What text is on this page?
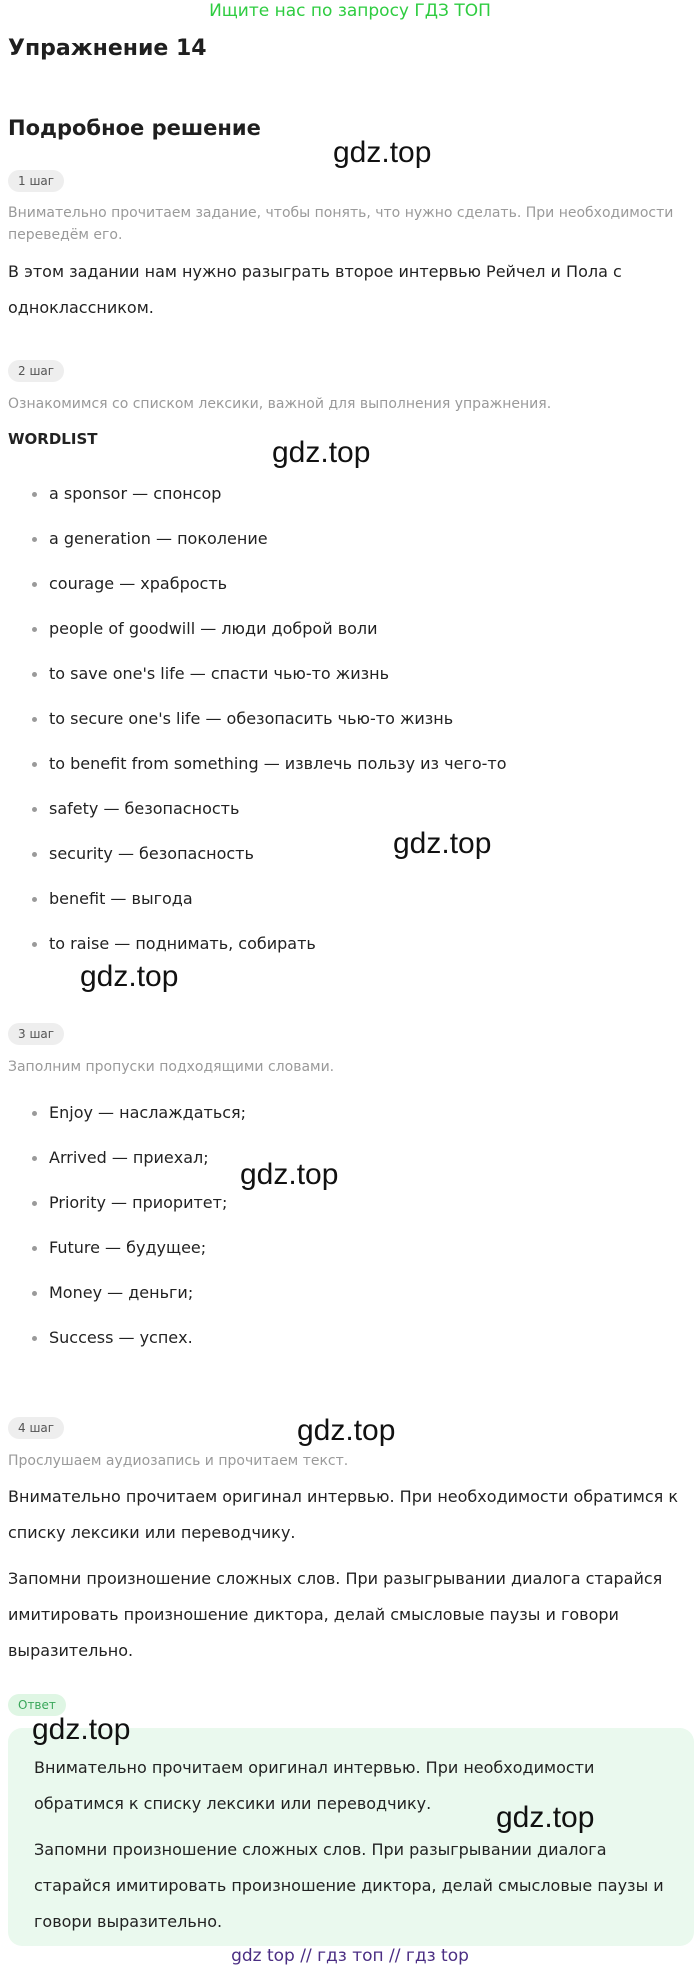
Ищите нас по запросу ГДЗ ТОП
Упражнение 14
Подробное решение
gdz.top
1 шаг
Внимательно прочитаем задание, чтобы понять, что нужно сделать. При необходимости переведём его.
В этом задании нам нужно разыграть второе интервью Рейчел и Пола с одноклассником.
2 шаг
Ознакомимся со списком лексики, важной для выполнения упражнения.
WORDLIST	gdz.top
a sponsor — спонсор
a generation — поколение
courage — храбрость
people of goodwill — люди доброй воли
to save one's life — спасти чью-то жизнь
to secure one's life — обезопасить чью-то жизнь
to benefit from something — извлечь пользу из чего-то
safety — безопасность
security — безопасность
benefit — выгода
to raise — поднимать, собирать
gdz.top
gdz.top
3 шаг
Заполним пропуски подходящими словами.
Enjoy — наслаждаться;
Arrived — приехал;
Priority — приоритет;
Future — будущее;
Money — деньги;
Success — успех.
gdz.top
4 шаг	gdz.top
Прослушаем аудиозапись и прочитаем текст.
Внимательно прочитаем оригинал интервью. При необходимости обратимся к списку лексики или переводчику.
Запомни произношение сложных слов. При разыгрывании диалога старайся имитировать произношение диктора, делай смысловые паузы и говори выразительно.
Ответ
gdz.top
Внимательно прочитаем оригинал интервью. При необходимости обратимся к списку лексики или переводчику.	gdz.top
Запомни произношение сложных слов. При разыгрывании диалога старайся имитировать произношение диктора, делай смысловые паузы и говори выразительно.
gdz top // гдз топ // гдз top
